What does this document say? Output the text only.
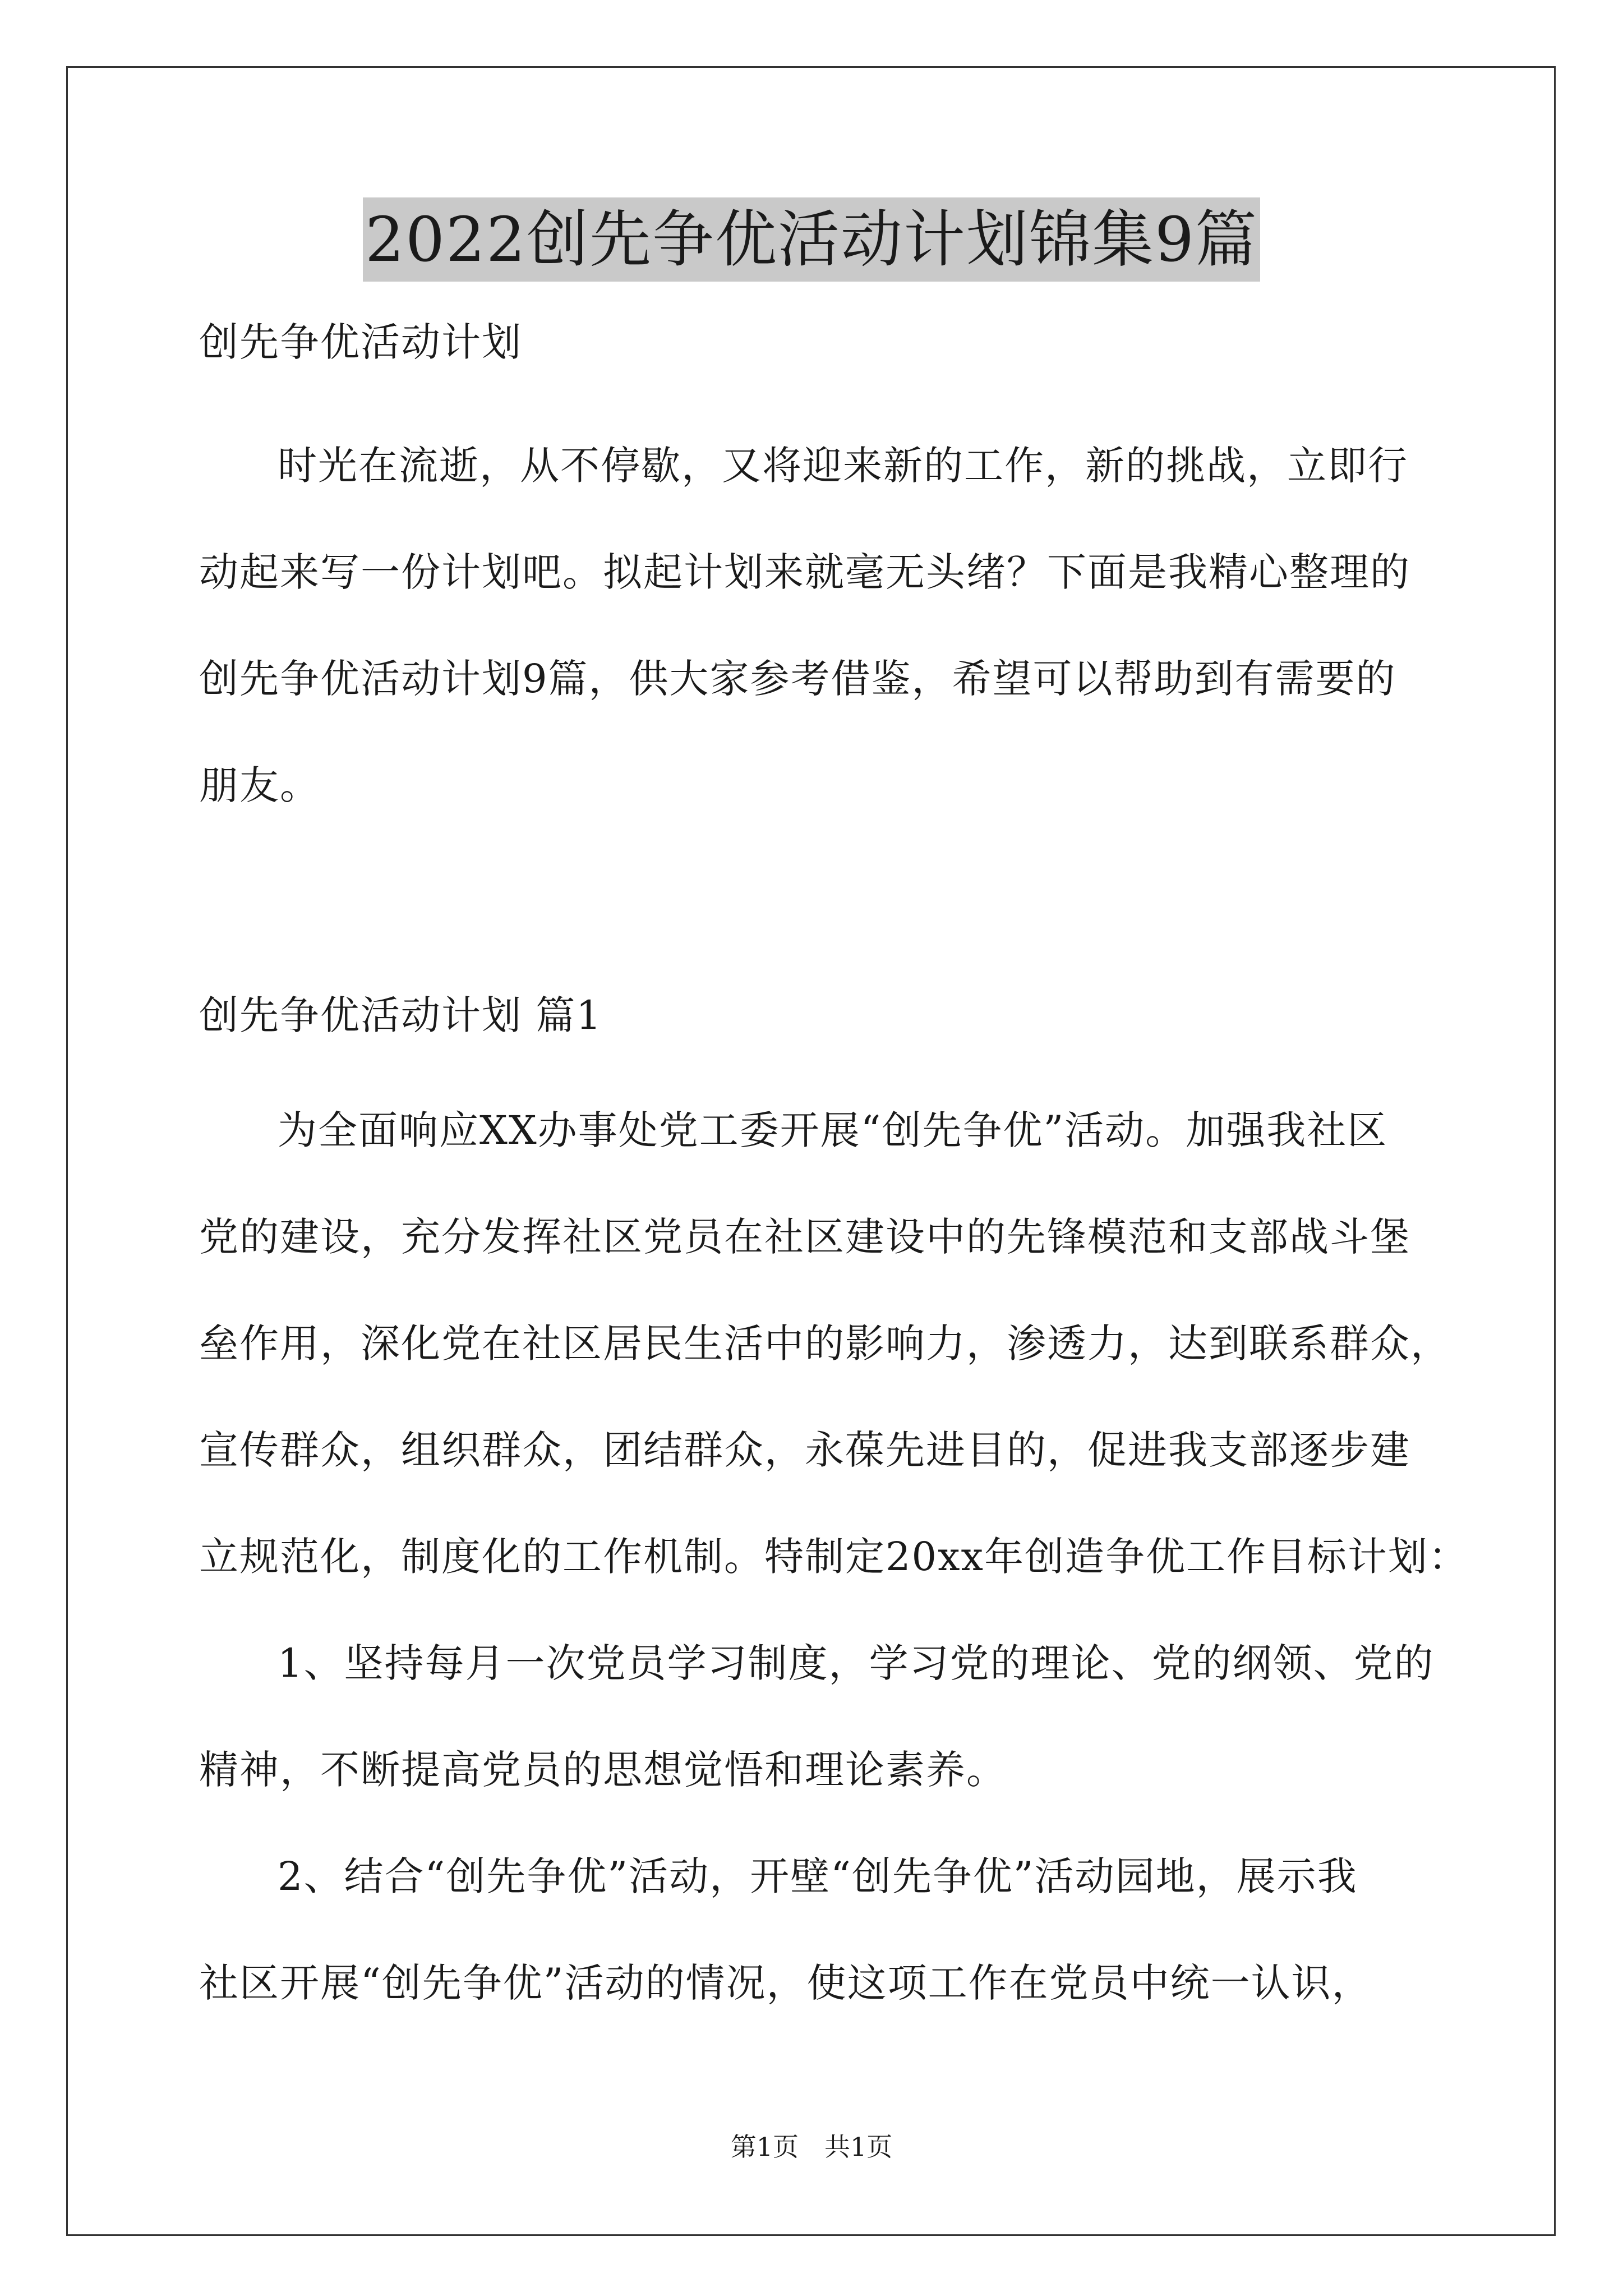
2022创先争优活动计划锦集9篇
创先争优活动计划
时光在流逝，从不停歇，又将迎来新的工作，新的挑战，立即行
动起来写一份计划吧。拟起计划来就毫无头绪？下面是我精心整理的
创先争优活动计划9篇，供大家参考借鉴，希望可以帮助到有需要的
朋友。
创先争优活动计划 篇1
为全面响应XX办事处党工委开展“创先争优”活动。加强我社区
党的建设，充分发挥社区党员在社区建设中的先锋模范和支部战斗堡
垒作用，深化党在社区居民生活中的影响力，渗透力，达到联系群众，
宣传群众，组织群众，团结群众，永葆先进目的，促进我支部逐步建
立规范化，制度化的工作机制。特制定20xx年创造争优工作目标计划：
1、坚持每月一次党员学习制度，学习党的理论、党的纲领、党的
精神，不断提高党员的思想觉悟和理论素养。
2、结合“创先争优”活动，开壁“创先争优”活动园地，展示我
社区开展“创先争优”活动的情况，使这项工作在党员中统一认识，
第1页　共1页
